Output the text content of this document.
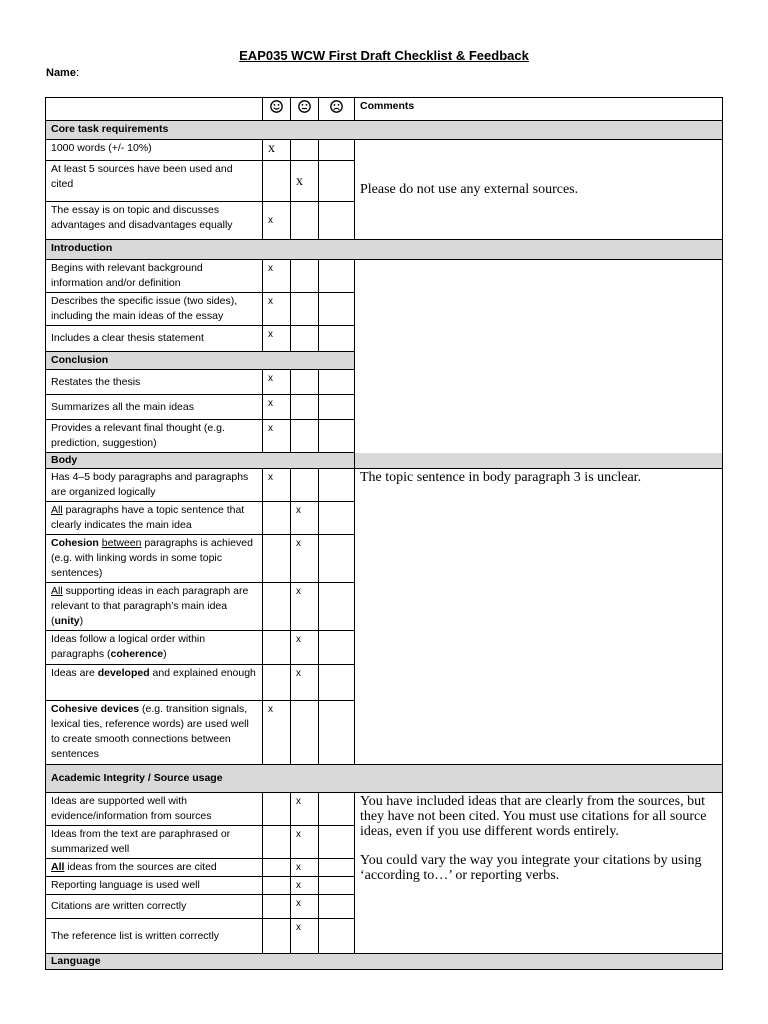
EAP035 WCW First Draft Checklist & Feedback
Name:
				Comments
Core task requirements				
1000 words (+/- 10%)	x			Please do not use any external sources.
At least 5 sources have been used and cited		x		
The essay is on topic and discusses advantages and disadvantages equally	x			
Introduction				
Begins with relevant background information and/or definition	x			
Describes the specific issue (two sides), including the main ideas of the essay	x			
Includes a clear thesis statement	x			
Conclusion				
Restates the thesis	x			
Summarizes all the main ideas	x			
Provides a relevant final thought (e.g. prediction, suggestion)	x			
Body				
Has 4–5 body paragraphs and paragraphs are organized logically	x			The topic sentence in body paragraph 3 is unclear.
All paragraphs have a topic sentence that clearly indicates the main idea		x		
Cohesion between paragraphs is achieved (e.g. with linking words in some topic sentences)		x		
All supporting ideas in each paragraph are relevant to that paragraph’s main idea (unity)		x		
Ideas follow a logical order within paragraphs (coherence)		x		
Ideas are developed and explained enough		x		
Cohesive devices (e.g. transition signals, lexical ties, reference words) are used well to create smooth connections between sentences	x			
Academic Integrity / Source usage				
Ideas are supported well with evidence/information from sources		x		You have included ideas that are clearly from the sources, but they have not been cited. You must use citations for all source ideas, even if you use different words entirely.
You could vary the way you integrate your citations by using ‘according to…’ or reporting verbs.

Ideas from the text are paraphrased or summarized well		x		
All ideas from the sources are cited		x		
Reporting language is used well		x		
Citations are written correctly		x		
The reference list is written correctly		x		
Language				
